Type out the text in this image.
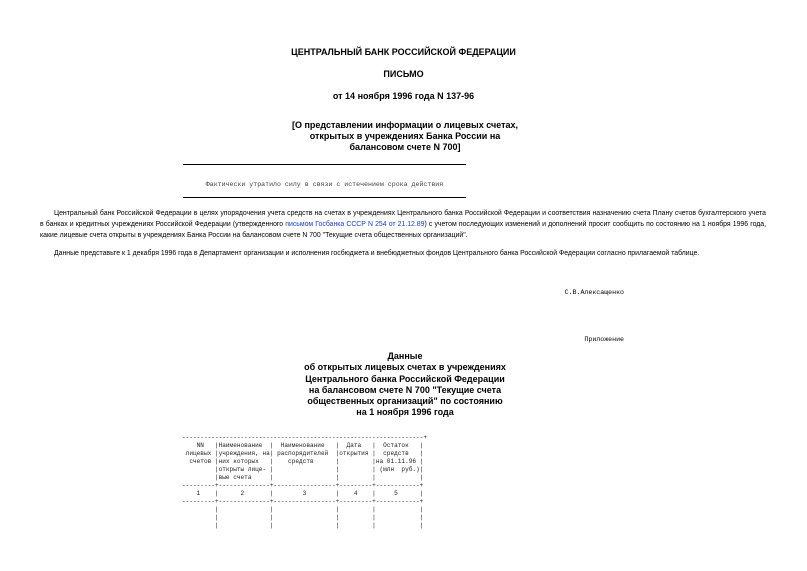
ЦЕНТРАЛЬНЫЙ БАНК РОССИЙСКОЙ ФЕДЕРАЦИИ
ПИСЬМО
от 14 ноября 1996 года N 137-96
[О представлении информации о лицевых счетах,
открытых в учреждениях Банка России на
балансовом счете N 700]
Фактически утратило силу в связи с истечением срока действия
Центральный банк Российской Федерации в целях упорядочения учета средств на счетах в учреждениях Центрального банка Российской Федерации и соответствия назначению счета Плану счетов бухгалтерского учета в банках и кредитных учреждениях Российской Федерации (утвержденного письмом Госбанка СССР N 254 от 21.12.89) с учетом последующих изменений и дополнений просит сообщить по состоянию на 1 ноября 1996 года, какие лицевые счета открыты в учреждениях Банка России на балансовом счете N 700 "Текущие счета общественных организаций".
Данные представьте к 1 декабря 1996 года в Департамент организации и исполнения госбюджета и внебюджетных фондов Центрального банка Российской Федерации согласно прилагаемой таблице.
С.В.Алексащенко
Приложение
Данные
об открытых лицевых счетах в учреждениях
Центрального банка Российской Федерации
на балансовом счете N 700 "Текущие счета
общественных организаций" по состоянию
на 1 ноября 1996 года
------------------------------------------------------------------+
NN   |Наименование  |  Наименование   |  Дата   |  Остаток   |
лицевых |учреждения, на| распорядителей  |открытия |  средств   |
счетов |них которых   |    средств      |         |на 01.11.96 |
|открыты лице- |                 |         | (млн  руб.)|
|вые счета     |                 |         |            |
---------+--------------+-----------------+---------+------------+
1    |      2       |        3        |    4    |     5      |
---------+--------------+-----------------+---------+------------+
|              |                 |         |            |
|              |                 |         |            |
|              |                 |         |            |
